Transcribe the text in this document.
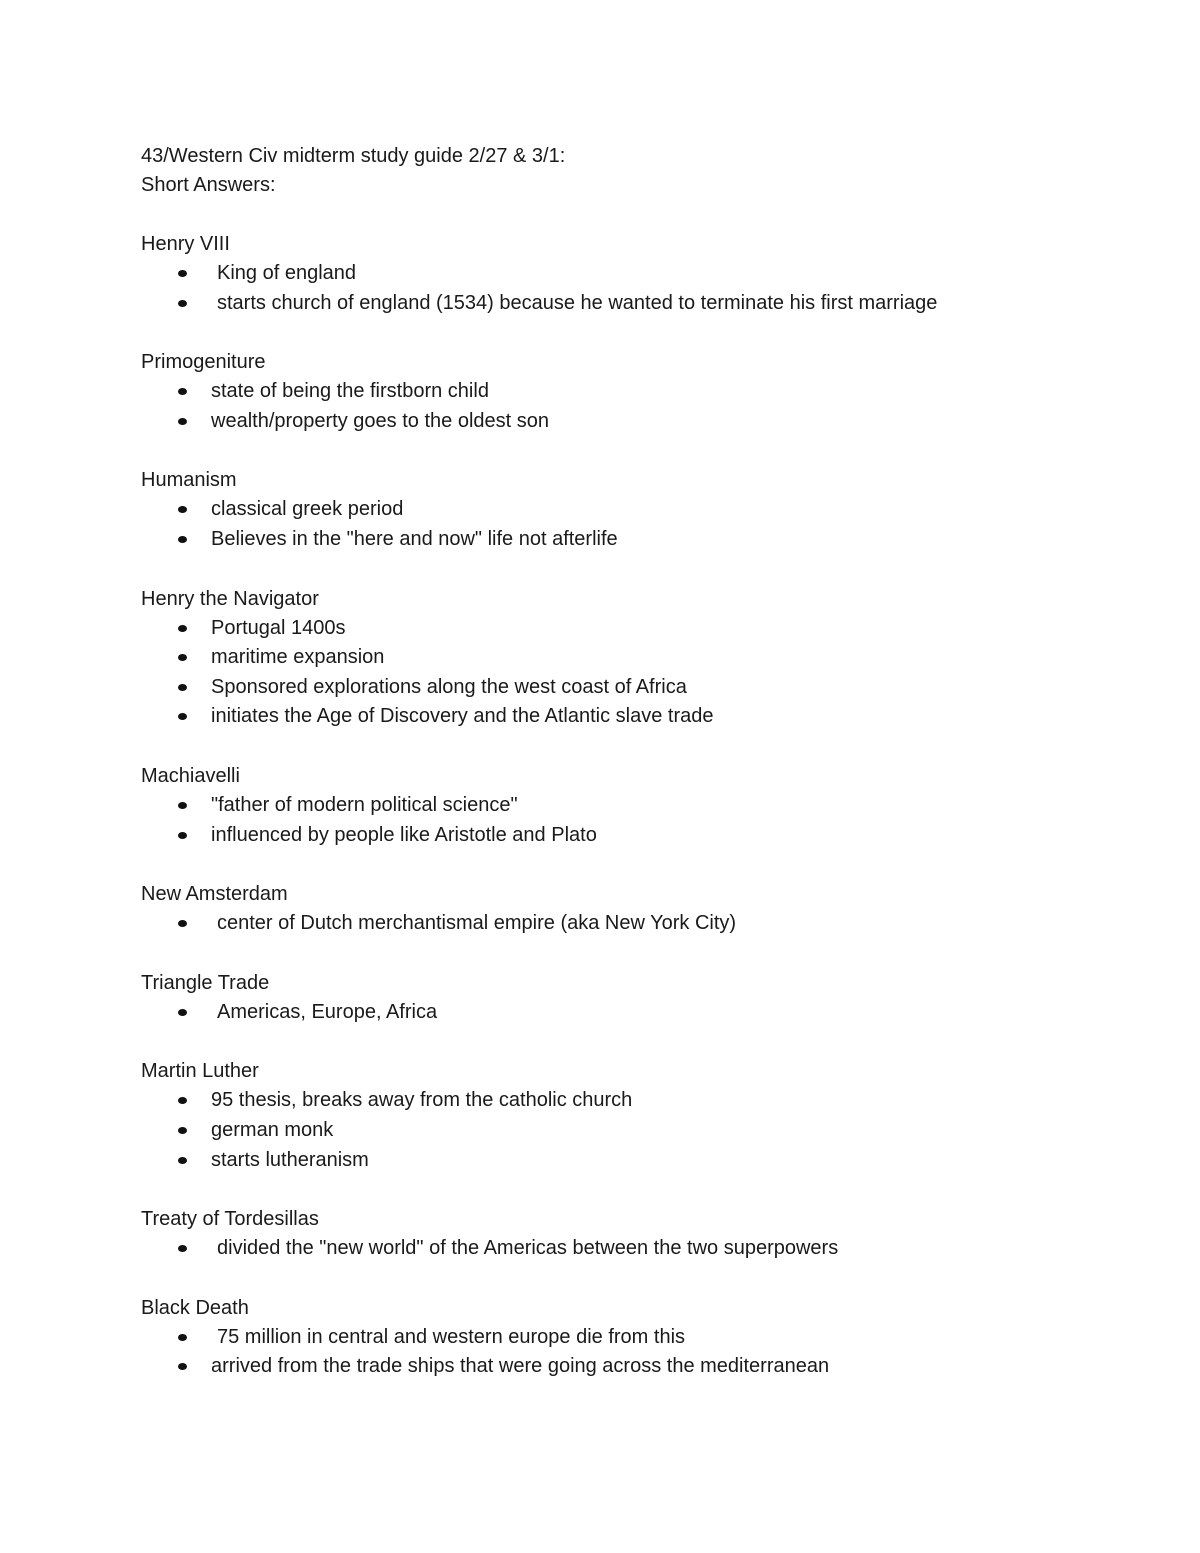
43/Western Civ midterm study guide 2/27 & 3/1:
Short Answers:
Henry VIII
King of england
starts church of england (1534) because he wanted to terminate his first marriage
Primogeniture
state of being the firstborn child
wealth/property goes to the oldest son
Humanism
classical greek period
Believes in the "here and now" life not afterlife
Henry the Navigator
Portugal 1400s
maritime expansion
Sponsored explorations along the west coast of Africa
initiates the Age of Discovery and the Atlantic slave trade
Machiavelli
"father of modern political science"
influenced by people like Aristotle and Plato
New Amsterdam
center of Dutch merchantismal empire (aka New York City)
Triangle Trade
Americas, Europe, Africa
Martin Luther
95 thesis, breaks away from the catholic church
german monk
starts lutheranism
Treaty of Tordesillas
divided the "new world" of the Americas between the two superpowers
Black Death
75 million in central and western europe die from this
arrived from the trade ships that were going across the mediterranean
